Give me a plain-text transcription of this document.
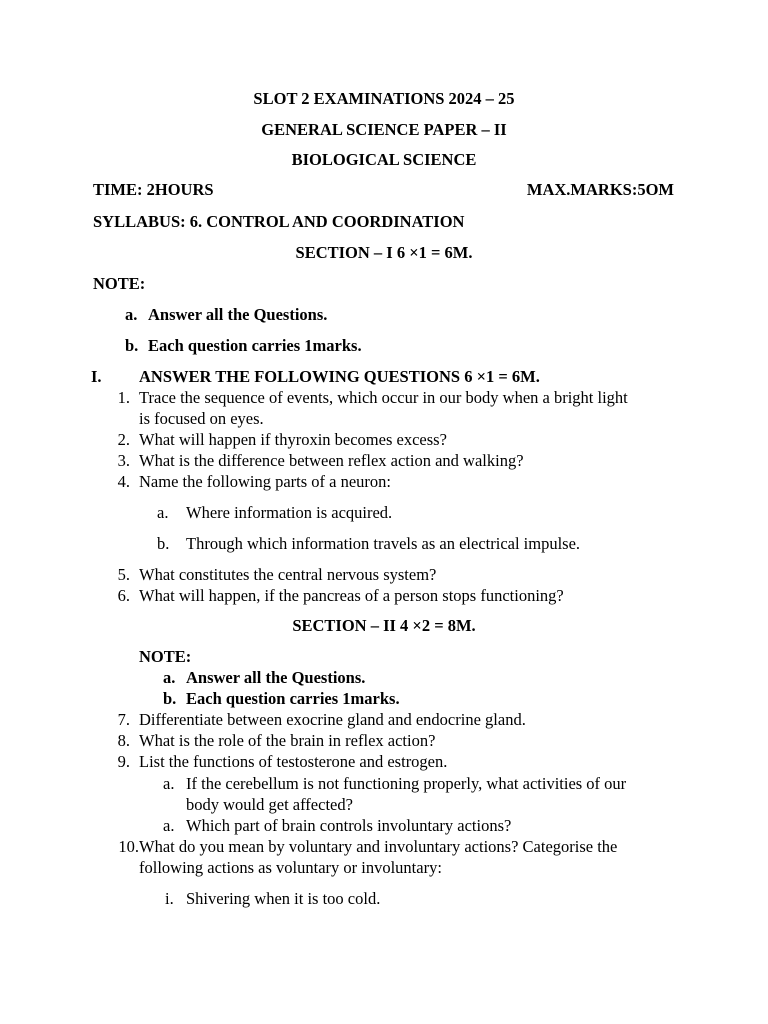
SLOT 2 EXAMINATIONS 2024 – 25
GENERAL SCIENCE PAPER – II
BIOLOGICAL SCIENCE
TIME: 2HOURS	MAX.MARKS:5OM
SYLLABUS: 6. CONTROL AND COORDINATION
SECTION – I 6 ×1 = 6M.
NOTE:
a. Answer all the Questions.
b. Each question carries 1marks.
I. ANSWER THE FOLLOWING QUESTIONS 6 ×1 = 6M.
1. Trace the sequence of events, which occur in our body when a bright light
is focused on eyes.
2. What will happen if thyroxin becomes excess?
3. What is the difference between reflex action and walking?
4. Name the following parts of a neuron:
a. Where information is acquired.
b. Through which information travels as an electrical impulse.
5. What constitutes the central nervous system?
6. What will happen, if the pancreas of a person stops functioning?
SECTION – II 4 ×2 = 8M.
NOTE:
a. Answer all the Questions.
b. Each question carries 1marks.
7. Differentiate between exocrine gland and endocrine gland.
8. What is the role of the brain in reflex action?
9. List the functions of testosterone and estrogen.
a. If the cerebellum is not functioning properly, what activities of our
body would get affected?
a. Which part of brain controls involuntary actions?
10. What do you mean by voluntary and involuntary actions? Categorise the
following actions as voluntary or involuntary:
i. Shivering when it is too cold.
